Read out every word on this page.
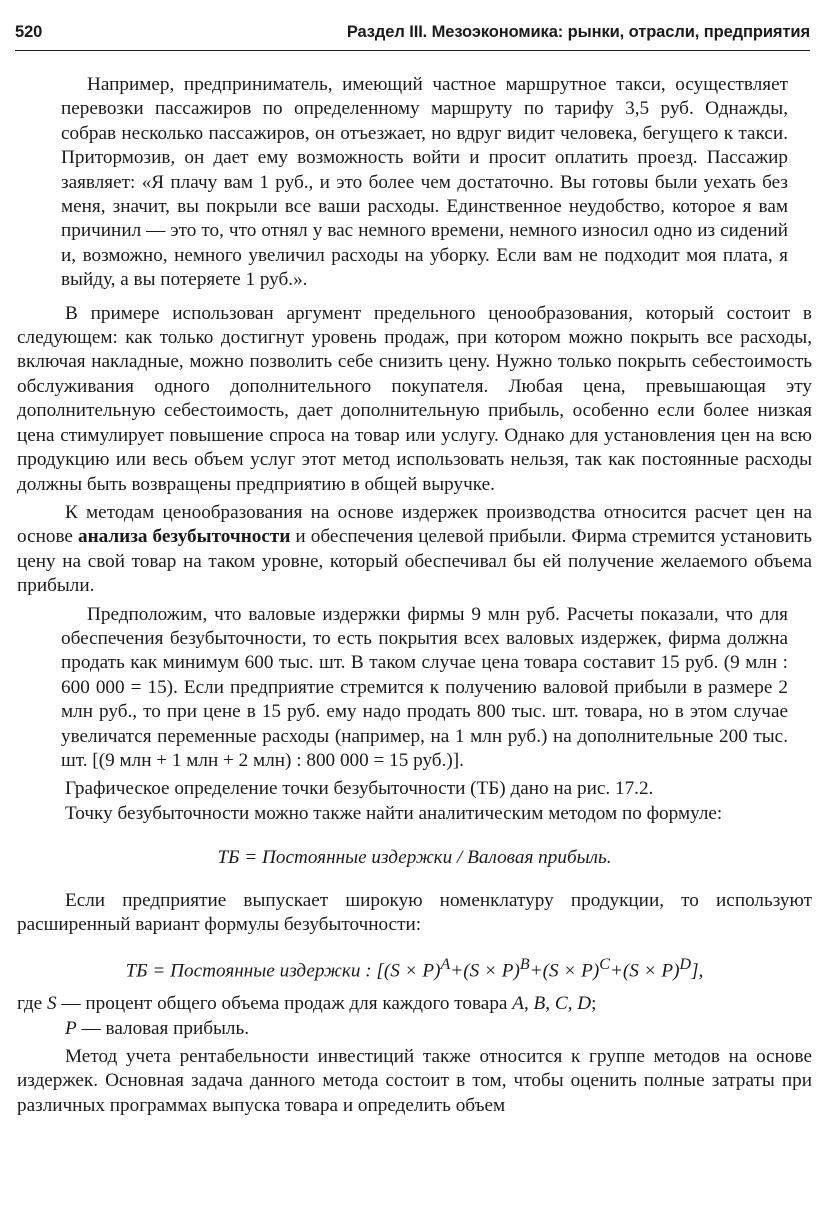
520	Раздел III. Мезоэкономика: рынки, отрасли, предприятия

Например, предприниматель, имеющий частное маршрутное такси, осуществляет перевозки пассажиров по определенному маршруту по тарифу 3,5 руб. Однажды, собрав несколько пассажиров, он отъезжает, но вдруг видит человека, бегущего к такси. Притормозив, он дает ему возможность войти и просит оплатить проезд. Пассажир заявляет: «Я плачу вам 1 руб., и это более чем достаточно. Вы готовы были уехать без меня, значит, вы покрыли все ваши расходы. Единственное неудобство, которое я вам причинил — это то, что отнял у вас немного времени, немного износил одно из сидений и, возможно, немного увеличил расходы на уборку. Если вам не подходит моя плата, я выйду, а вы потеряете 1 руб.».

В примере использован аргумент предельного ценообразования, который состоит в следующем: как только достигнут уровень продаж, при котором можно покрыть все расходы, включая накладные, можно позволить себе снизить цену. Нужно только покрыть себестоимость обслуживания одного дополнительного покупателя. Любая цена, превышающая эту дополнительную себестоимость, дает дополнительную прибыль, особенно если более низкая цена стимулирует повышение спроса на товар или услугу. Однако для установления цен на всю продукцию или весь объем услуг этот метод использовать нельзя, так как постоянные расходы должны быть возвращены предприятию в общей выручке.

К методам ценообразования на основе издержек производства относится расчет цен на основе анализа безубыточности и обеспечения целевой прибыли. Фирма стремится установить цену на свой товар на таком уровне, который обеспечивал бы ей получение желаемого объема прибыли.

Предположим, что валовые издержки фирмы 9 млн руб. Расчеты показали, что для обеспечения безубыточности, то есть покрытия всех валовых издержек, фирма должна продать как минимум 600 тыс. шт. В таком случае цена товара составит 15 руб. (9 млн : 600 000 = 15). Если предприятие стремится к получению валовой прибыли в размере 2 млн руб., то при цене в 15 руб. ему надо продать 800 тыс. шт. товара, но в этом случае увеличатся переменные расходы (например, на 1 млн руб.) на дополнительные 200 тыс. шт. [(9 млн + 1 млн + 2 млн) : 800 000 = 15 руб.)].

Графическое определение точки безубыточности (ТБ) дано на рис. 17.2.

Точку безубыточности можно также найти аналитическим методом по формуле:

ТБ = Постоянные издержки / Валовая прибыль.

Если предприятие выпускает широкую номенклатуру продукции, то используют расширенный вариант формулы безубыточности:

ТБ = Постоянные издержки : $[(S \times P)^A+(S \times P)^B+(S \times P)^C+(S \times P)^D]$,

где S — процент общего объема продаж для каждого товара A, B, C, D;

P — валовая прибыль.

Метод учета рентабельности инвестиций также относится к группе методов на основе издержек. Основная задача данного метода состоит в том, чтобы оценить полные затраты при различных программах выпуска товара и определить объем
